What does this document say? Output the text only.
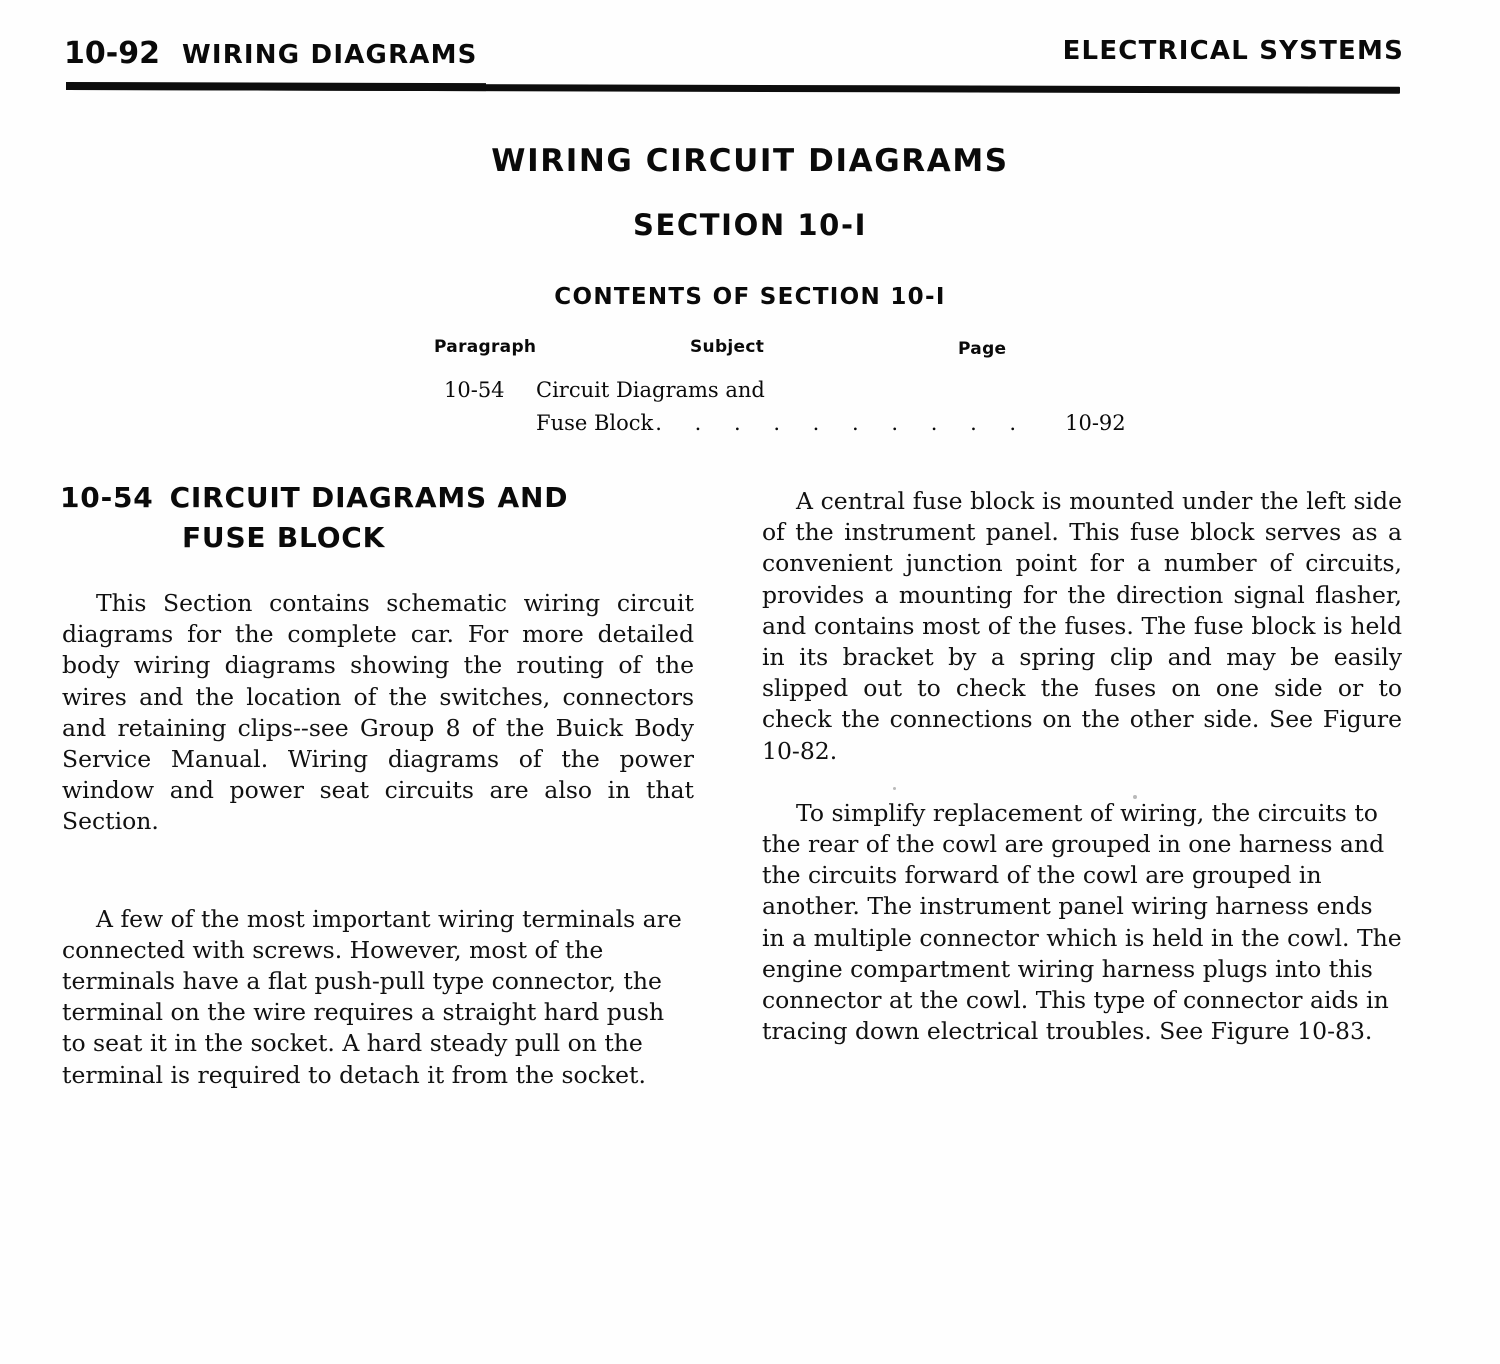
10-92 WIRING DIAGRAMS	ELECTRICAL SYSTEMS
WIRING CIRCUIT DIAGRAMS
SECTION 10-I
CONTENTS OF SECTION 10-I
Paragraph	Subject	Page
10-54 Circuit Diagrams and
Fuse Block. . . . . . . . . . 10-92
10-54 CIRCUIT DIAGRAMS AND
FUSE BLOCK

This Section contains schematic wiring circuit diagrams for the complete car. For more detailed body wiring diagrams showing the routing of the wires and the location of the switches, connectors and retaining clips--see Group 8 of the Buick Body Service Manual. Wiring diagrams of the power window and power seat circuits are also in that Section.

A few of the most important wiring terminals are connected with screws. However, most of the terminals have a flat push-pull type connector, the terminal on the wire requires a straight hard push to seat it in the socket. A hard steady pull on the terminal is required to detach it from the socket.

A central fuse block is mounted under the left side of the instrument panel. This fuse block serves as a convenient junction point for a number of circuits, provides a mounting for the direction signal flasher, and contains most of the fuses. The fuse block is held in its bracket by a spring clip and may be easily slipped out to check the fuses on one side or to check the connections on the other side. See Figure 10-82.

To simplify replacement of wiring, the circuits to the rear of the cowl are grouped in one harness and the circuits forward of the cowl are grouped in another. The instrument panel wiring harness ends in a multiple connector which is held in the cowl. The engine compartment wiring harness plugs into this connector at the cowl. This type of connector aids in tracing down electrical troubles. See Figure 10-83.
